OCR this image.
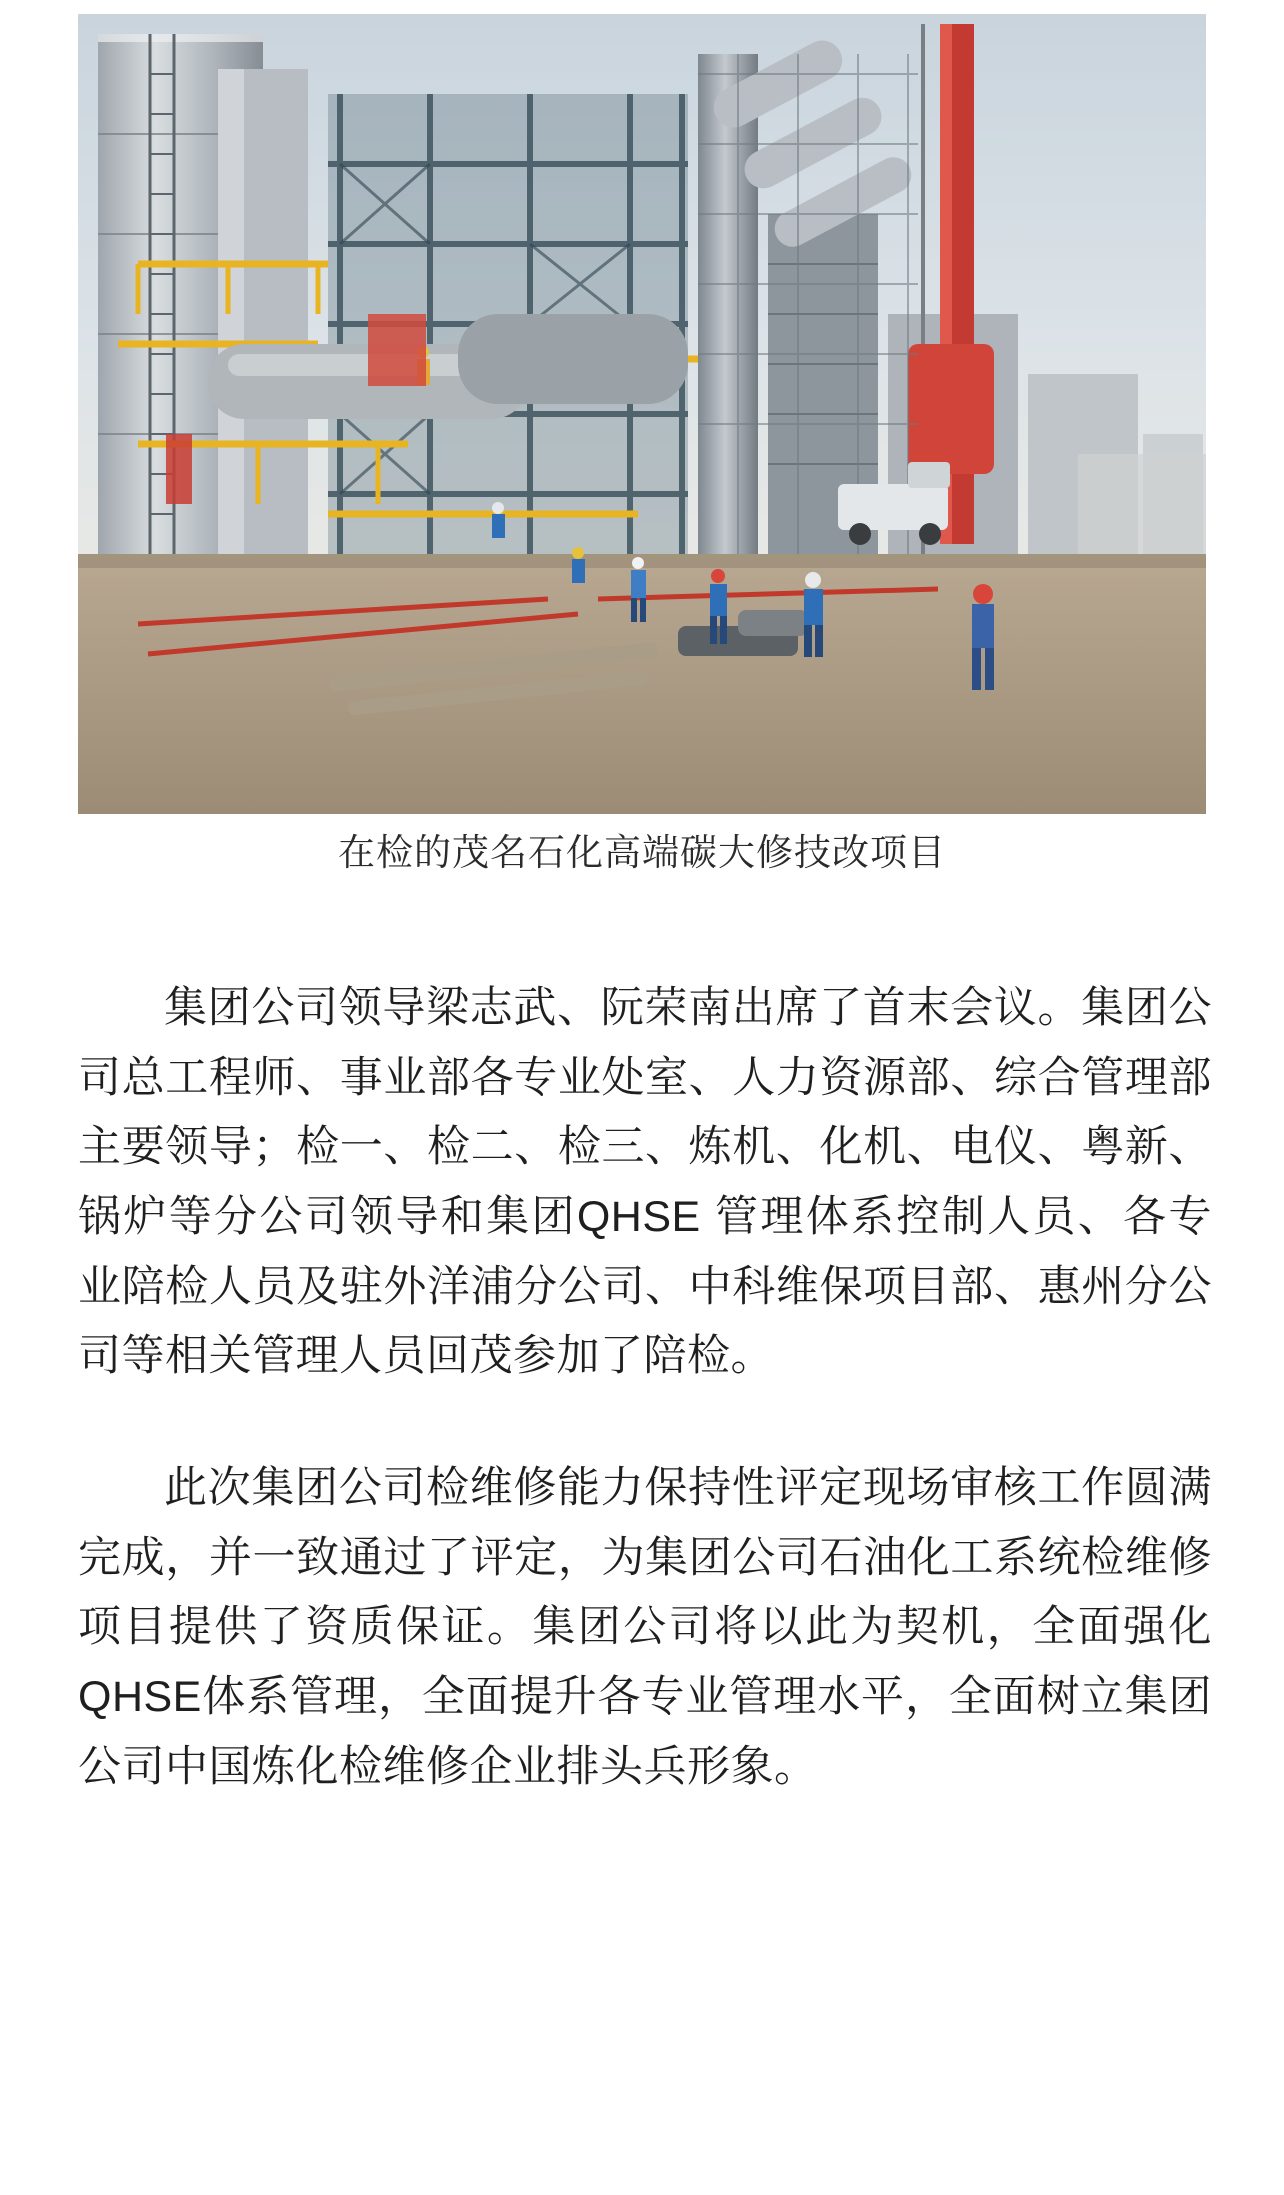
在检的茂名石化高端碳大修技改项目

集团公司领导梁志武、阮荣南出席了首末会议。集团公司总工程师、事业部各专业处室、人力资源部、综合管理部主要领导；检一、检二、检三、炼机、化机、电仪、粤新、锅炉等分公司领导和集团QHSE 管理体系控制人员、各专业陪检人员及驻外洋浦分公司、中科维保项目部、惠州分公司等相关管理人员回茂参加了陪检。

此次集团公司检维修能力保持性评定现场审核工作圆满完成，并一致通过了评定，为集团公司石油化工系统检维修项目提供了资质保证。集团公司将以此为契机，全面强化QHSE体系管理，全面提升各专业管理水平，全面树立集团公司中国炼化检维修企业排头兵形象。
